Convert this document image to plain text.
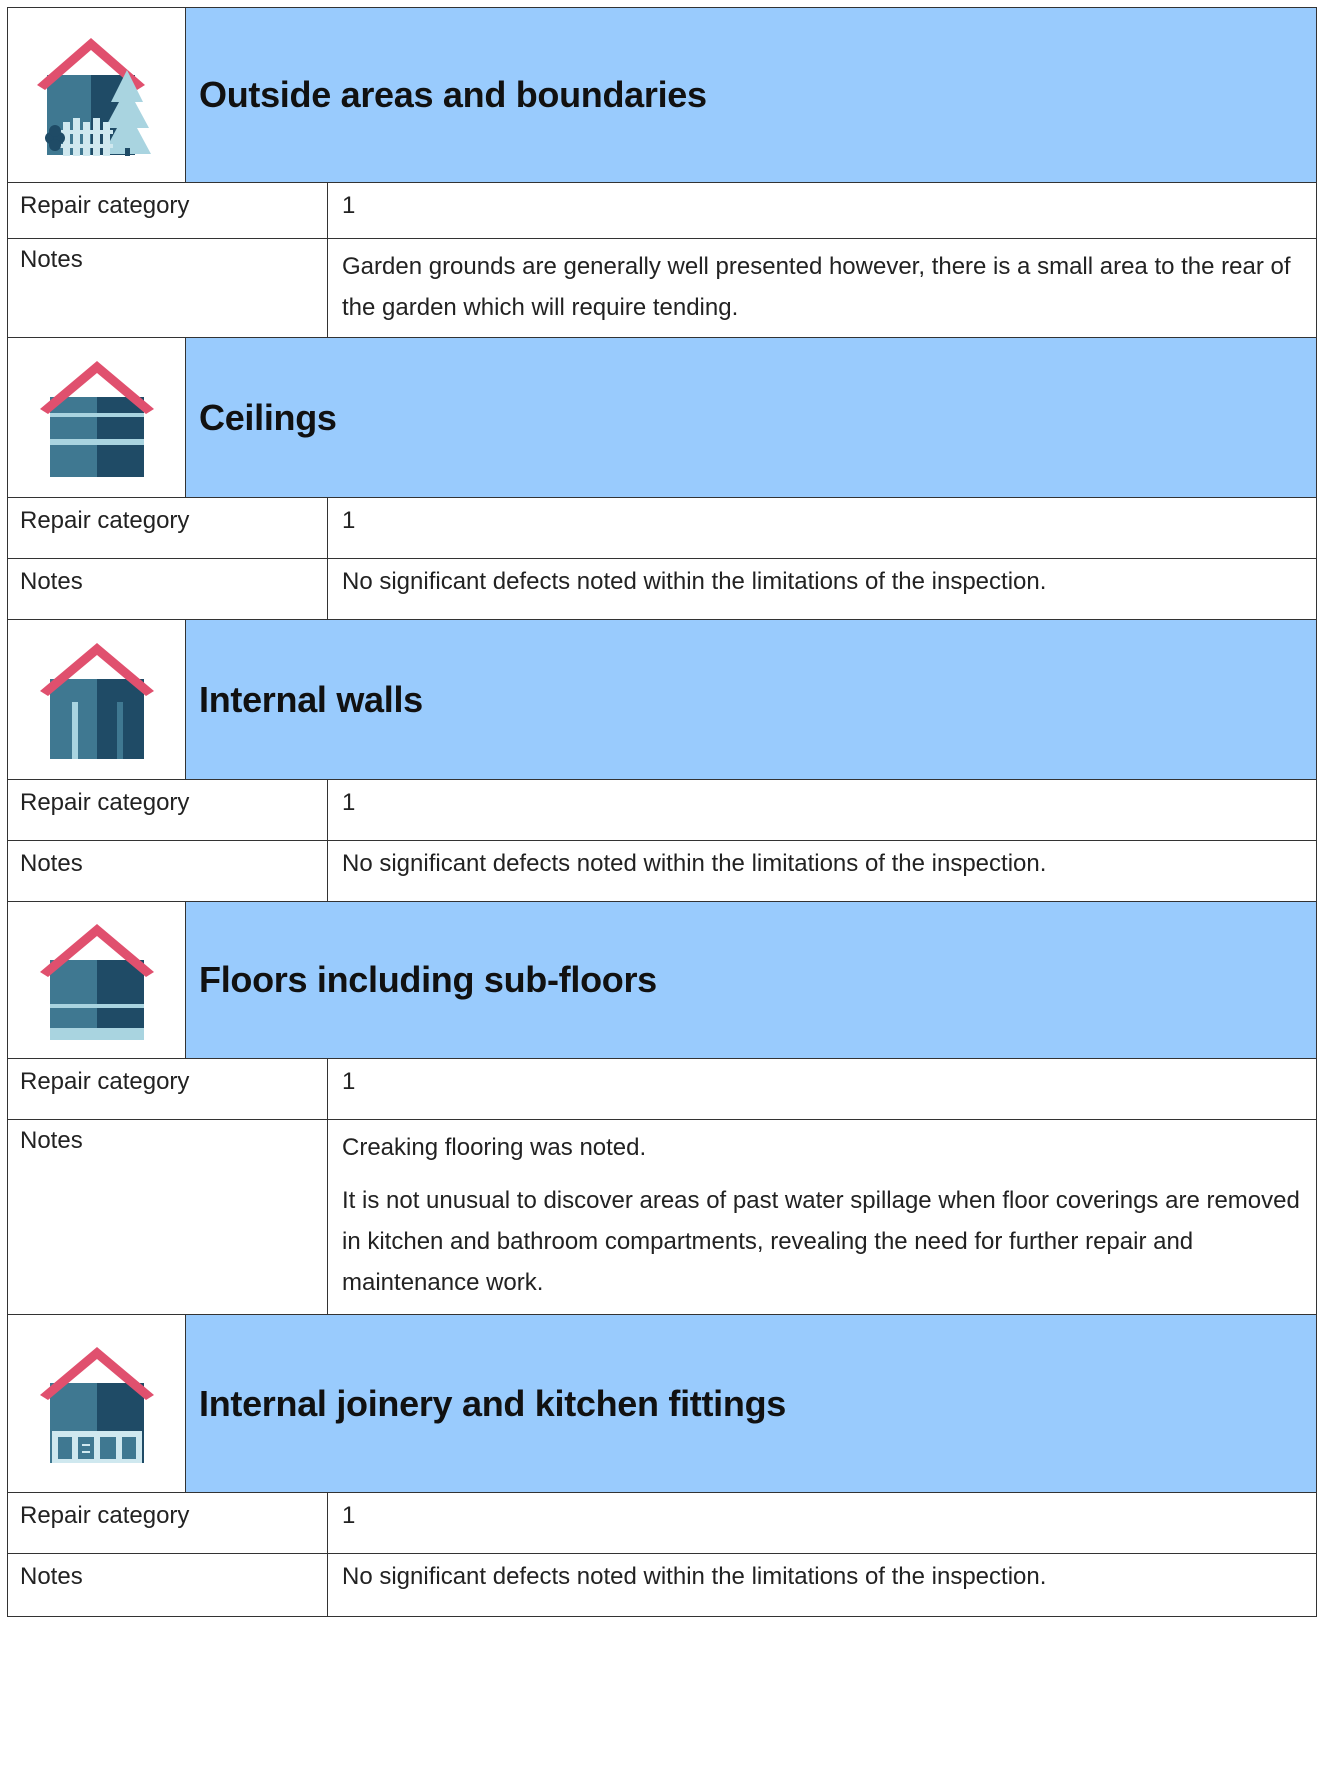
Outside areas and boundaries
Repair category	1
Notes	Garden grounds are generally well presented however, there is a small area to the rear of the garden which will require tending.

Ceilings
Repair category	1
Notes	No significant defects noted within the limitations of the inspection.

Internal walls
Repair category	1
Notes	No significant defects noted within the limitations of the inspection.

Floors including sub-floors
Repair category	1
Notes	Creaking flooring was noted.

It is not unusual to discover areas of past water spillage when floor coverings are removed in kitchen and bathroom compartments, revealing the need for further repair and maintenance work.

Internal joinery and kitchen fittings
Repair category	1
Notes	No significant defects noted within the limitations of the inspection.
